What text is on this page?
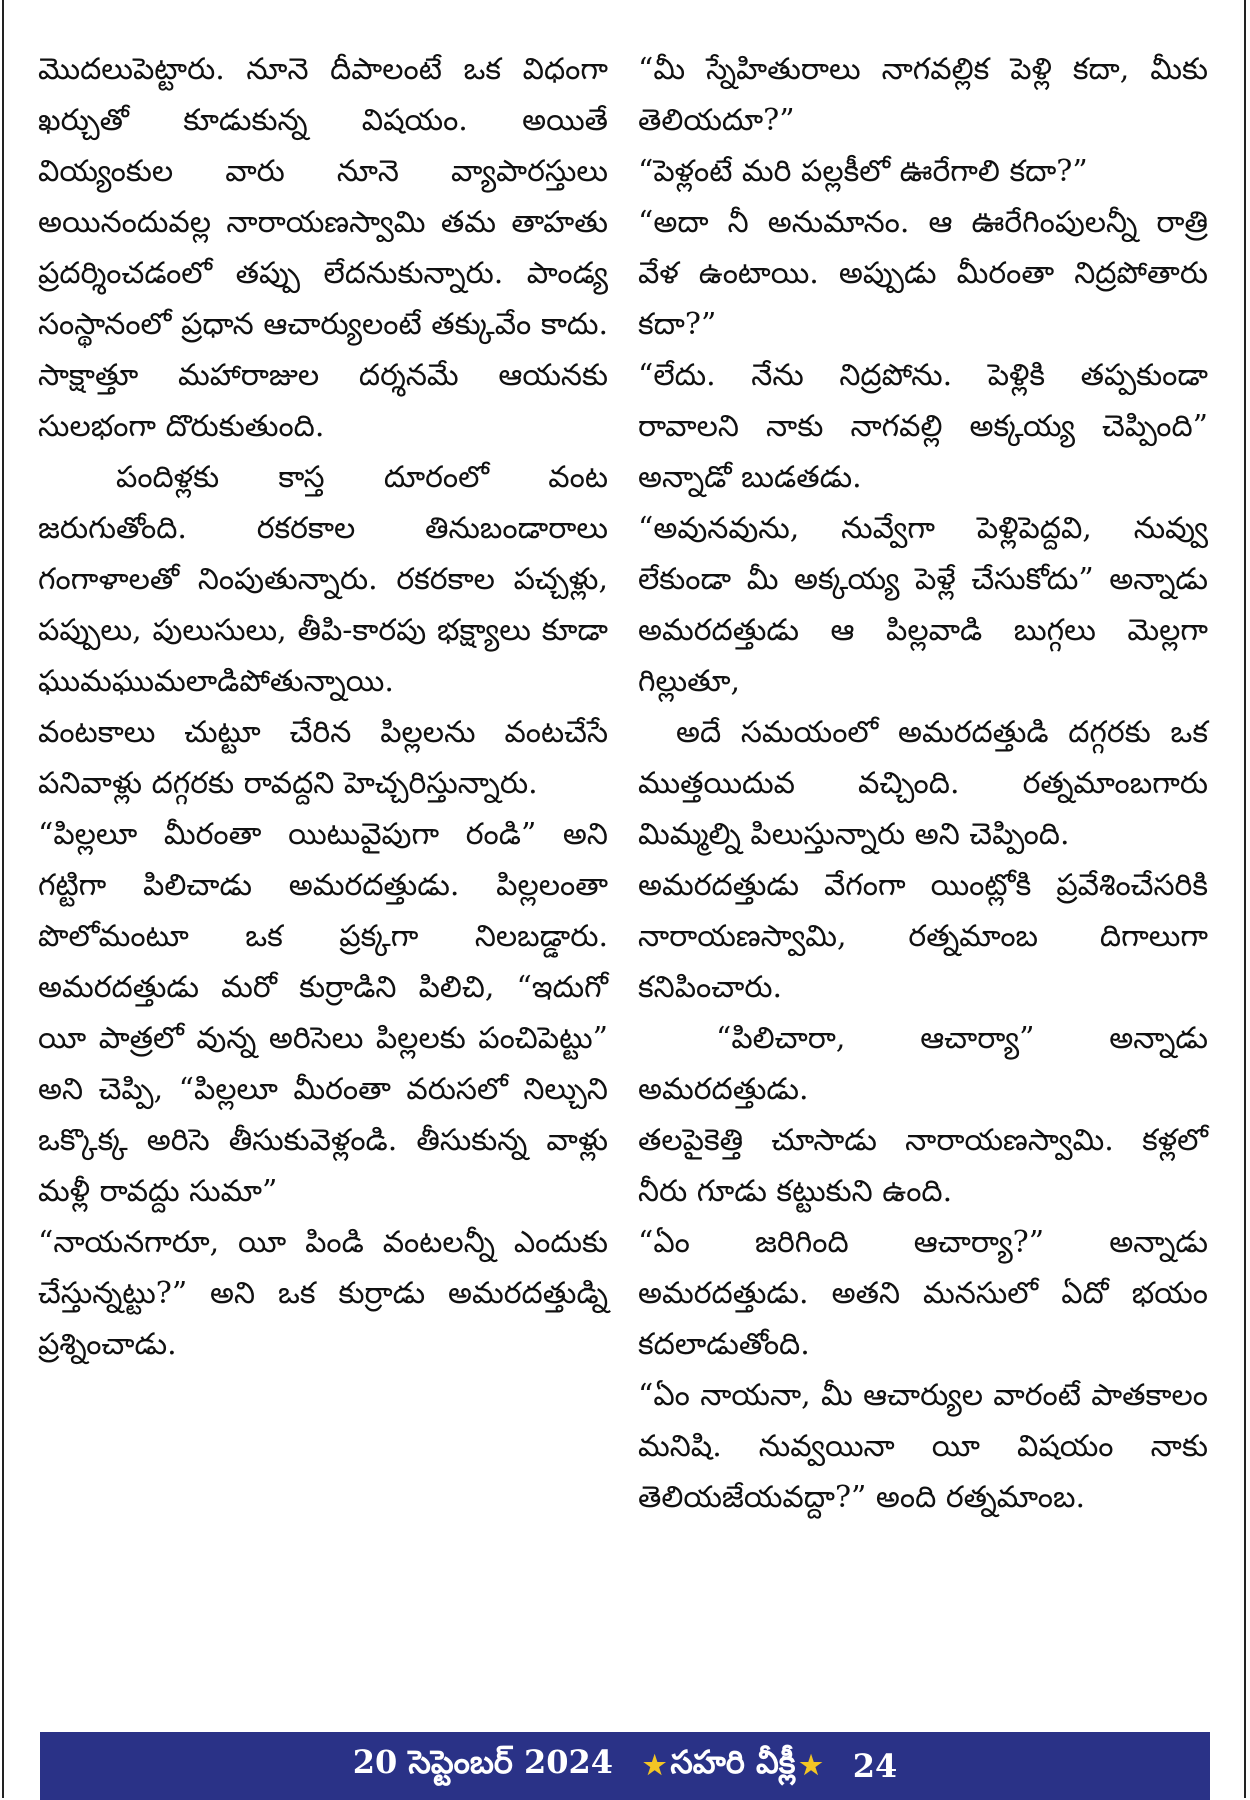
మొదలుపెట్టారు. నూనె దీపాలంటే ఒక విధంగా ఖర్చుతో కూడుకున్న విషయం. అయితే వియ్యంకుల వారు నూనె వ్యాపారస్తులు అయినందువల్ల నారాయణస్వామి తమ తాహతు ప్రదర్శించడంలో తప్పు లేదనుకున్నారు. పాండ్య సంస్థానంలో ప్రధాన ఆచార్యులంటే తక్కువేం కాదు. సాక్షాత్తూ మహారాజుల దర్శనమే ఆయనకు సులభంగా దొరుకుతుంది.

పందిళ్లకు కాస్త దూరంలో వంట జరుగుతోంది. రకరకాల తినుబండారాలు గంగాళాలతో నింపుతున్నారు. రకరకాల పచ్చళ్లు, పప్పులు, పులుసులు, తీపి-కారపు భక్ష్యాలు కూడా ఘుమఘుమలాడిపోతున్నాయి.

వంటకాలు చుట్టూ చేరిన పిల్లలను వంటచేసే పనివాళ్లు దగ్గరకు రావద్దని హెచ్చరిస్తున్నారు.

“పిల్లలూ మీరంతా యిటువైపుగా రండి” అని గట్టిగా పిలిచాడు అమరదత్తుడు. పిల్లలంతా పొలోమంటూ ఒక ప్రక్కగా నిలబడ్డారు. అమరదత్తుడు మరో కుర్రాడిని పిలిచి, “ఇదుగో యీ పాత్రలో వున్న అరిసెలు పిల్లలకు పంచిపెట్టు” అని చెప్పి, “పిల్లలూ మీరంతా వరుసలో నిల్చుని ఒక్కొక్క అరిసె తీసుకువెళ్లండి. తీసుకున్న వాళ్లు మళ్లీ రావద్దు సుమా”

“నాయనగారూ, యీ పిండి వంటలన్నీ ఎందుకు చేస్తున్నట్టు?” అని ఒక కుర్రాడు అమరదత్తుడ్ని ప్రశ్నించాడు.

“మీ స్నేహితురాలు నాగవల్లిక పెళ్లి కదా, మీకు తెలియదూ?”

“పెళ్లంటే మరి పల్లకీలో ఊరేగాలి కదా?”

“అదా నీ అనుమానం. ఆ ఊరేగింపులన్నీ రాత్రి వేళ ఉంటాయి. అప్పుడు మీరంతా నిద్రపోతారు కదా?”

“లేదు. నేను నిద్రపోను. పెళ్లికి తప్పకుండా రావాలని నాకు నాగవల్లి అక్కయ్య చెప్పింది” అన్నాడో బుడతడు.

“అవునవును, నువ్వేగా పెళ్లిపెద్దవి, నువ్వు లేకుండా మీ అక్కయ్య పెళ్లే చేసుకోదు” అన్నాడు అమరదత్తుడు ఆ పిల్లవాడి బుగ్గలు మెల్లగా గిల్లుతూ,

అదే సమయంలో అమరదత్తుడి దగ్గరకు ఒక ముత్తయిదువ వచ్చింది. రత్నమాంబగారు మిమ్మల్ని పిలుస్తున్నారు అని చెప్పింది.

అమరదత్తుడు వేగంగా యింట్లోకి ప్రవేశించేసరికి నారాయణస్వామి, రత్నమాంబ దిగాలుగా కనిపించారు.

“పిలిచారా, ఆచార్యా” అన్నాడు అమరదత్తుడు.

తలపైకెత్తి చూసాడు నారాయణస్వామి. కళ్లలో నీరు గూడు కట్టుకుని ఉంది.

“ఏం జరిగింది ఆచార్యా?” అన్నాడు అమరదత్తుడు. అతని మనసులో ఏదో భయం కదలాడుతోంది.

“ఏం నాయనా, మీ ఆచార్యుల వారంటే పాతకాలం మనిషి. నువ్వయినా యీ విషయం నాకు తెలియజేయవద్దా?” అంది రత్నమాంబ.

20 సెప్టెంబర్ 2024 ★ సహరి వీక్లీ ★ 24
